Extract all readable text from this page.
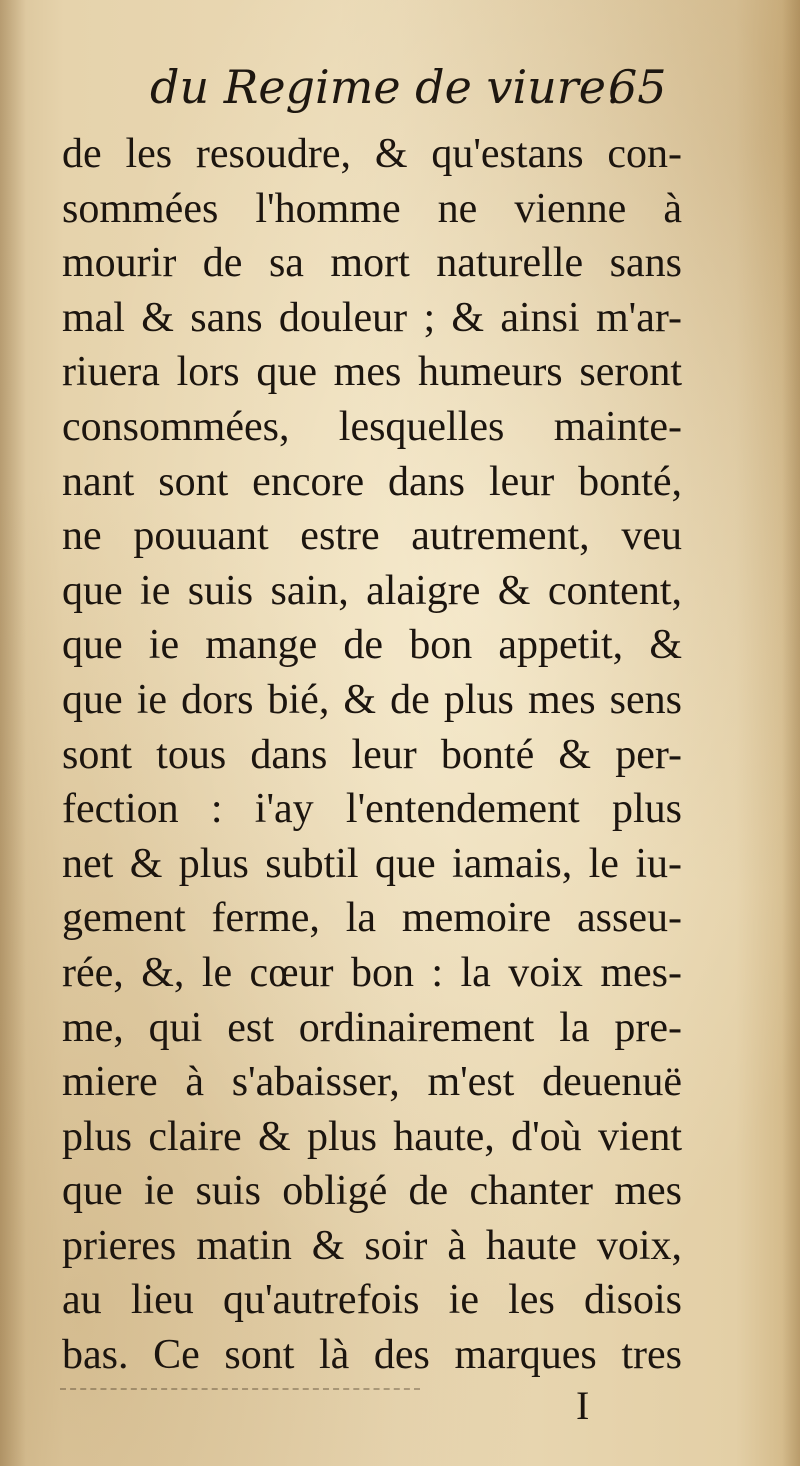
du Regime de viure.
65
de les resoudre, & qu'estans con-
sommées l'homme ne vienne à
mourir de sa mort naturelle sans
mal & sans douleur ; & ainsi m'ar-
riuera lors que mes humeurs seront
consommées, lesquelles mainte-
nant sont encore dans leur bonté,
ne pouuant estre autrement, veu
que ie suis sain, alaigre & content,
que ie mange de bon appetit, &
que ie dors bié, & de plus mes sens
sont tous dans leur bonté & per-
fection : i'ay l'entendement plus
net & plus subtil que iamais, le iu-
gement ferme, la memoire asseu-
rée, &, le cœur bon : la voix mes-
me, qui est ordinairement la pre-
miere à s'abaisser, m'est deuenuë
plus claire & plus haute, d'où vient
que ie suis obligé de chanter mes
prieres matin & soir à haute voix,
au lieu qu'autrefois ie les disois
bas. Ce sont là des marques tres
I
